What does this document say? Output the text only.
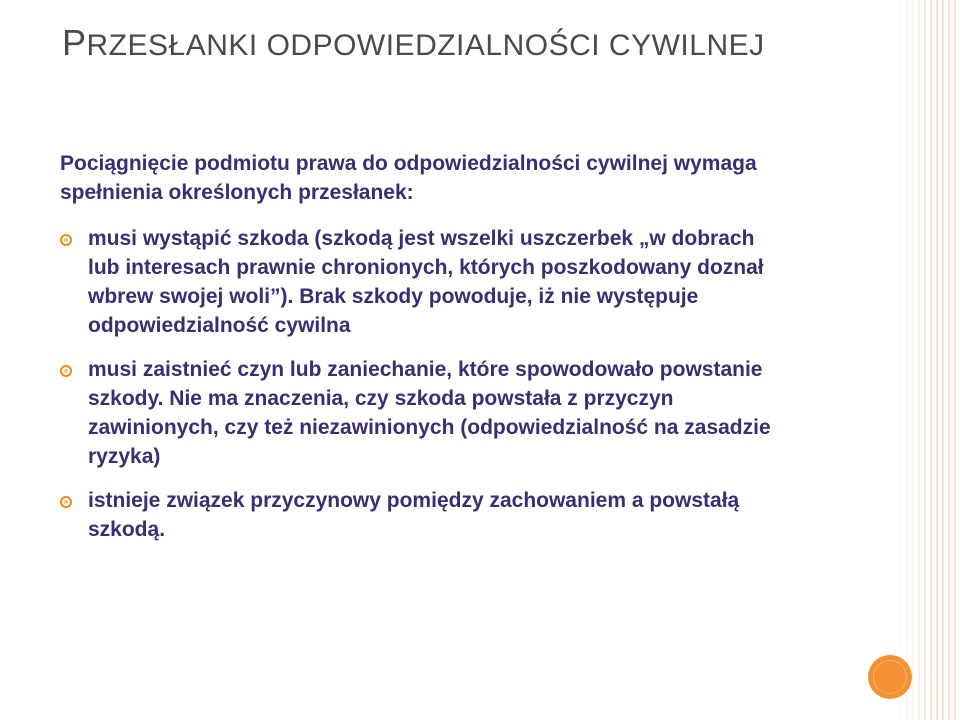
PRZESŁANKI ODPOWIEDZIALNOŚCI CYWILNEJ

Pociągnięcie podmiotu prawa do odpowiedzialności cywilnej wymaga
spełnienia określonych przesłanek:

musi wystąpić szkoda (szkodą jest wszelki uszczerbek „w dobrach
lub interesach prawnie chronionych, których poszkodowany doznał
wbrew swojej woli”). Brak szkody powoduje, iż nie występuje
odpowiedzialność cywilna
musi zaistnieć czyn lub zaniechanie, które spowodowało powstanie
szkody. Nie ma znaczenia, czy szkoda powstała z przyczyn
zawinionych, czy też niezawinionych (odpowiedzialność na zasadzie
ryzyka)
istnieje związek przyczynowy pomiędzy zachowaniem a powstałą
szkodą.
